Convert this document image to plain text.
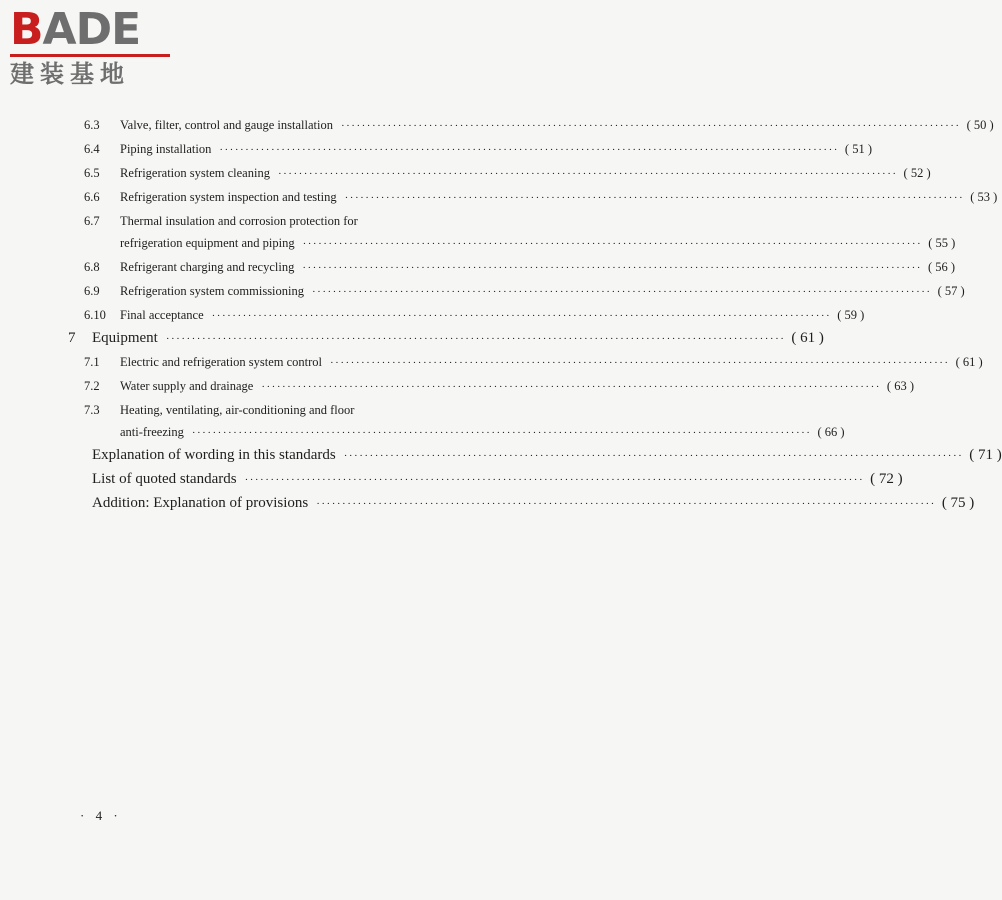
BADE
建装基地
6.3	Valve, filter, control and gauge installation ························································································································ ( 50 )
6.4	Piping installation ························································································································ ( 51 )
6.5	Refrigeration system cleaning ························································································································ ( 52 )
6.6	Refrigeration system inspection and testing ························································································································ ( 53 )
6.7	Thermal insulation and corrosion protection for
refrigeration equipment and piping ························································································································ ( 55 )
6.8	Refrigerant charging and recycling ························································································································ ( 56 )
6.9	Refrigeration system commissioning ························································································································ ( 57 )
6.10	Final acceptance ························································································································ ( 59 )
7	Equipment ························································································································ ( 61 )
7.1	Electric and refrigeration system control ························································································································ ( 61 )
7.2	Water supply and drainage ························································································································ ( 63 )
7.3	Heating, ventilating, air-conditioning and floor
anti-freezing ························································································································ ( 66 )
Explanation of wording in this standards ························································································································ ( 71 )
List of quoted standards ························································································································ ( 72 )
Addition: Explanation of provisions ························································································································ ( 75 )
· 4 ·
